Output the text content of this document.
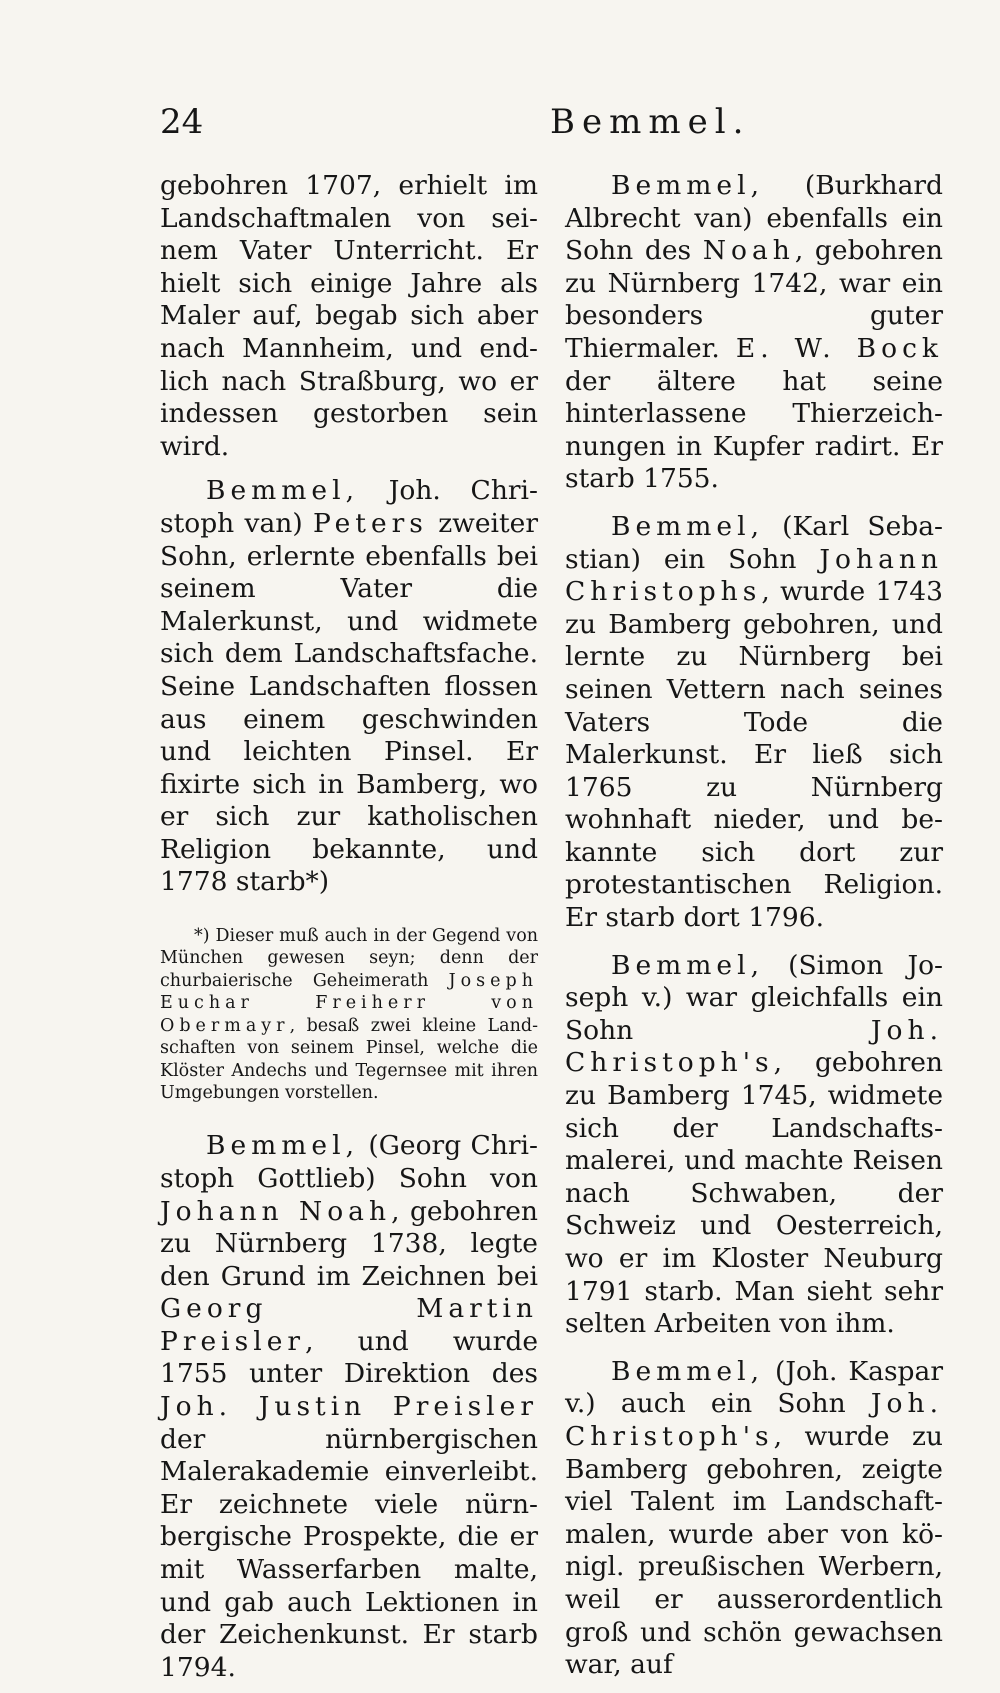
24	Bemmel.

gebohren 1707, erhielt im Landschaftmalen von seinem Vater Unterricht. Er hielt sich einige Jahre als Maler auf, begab sich aber nach Mannheim, und endlich nach Straßburg, wo er indessen gestorben sein wird.

Bemmel, Joh. Christoph van) Peters zweiter Sohn, erlernte ebenfalls bei seinem Vater die Malerkunst, und widmete sich dem Landschaftsfache. Seine Landschaften flossen aus einem geschwinden und leichten Pinsel. Er fixirte sich in Bamberg, wo er sich zur katholischen Religion bekannte, und 1778 starb*)

*) Dieser muß auch in der Gegend von München gewesen seyn; denn der churbaierische Geheimerath Joseph Euchar Freiherr von Obermayr, besaß zwei kleine Landschaften von seinem Pinsel, welche die Klöster Andechs und Tegernsee mit ihren Umgebungen vorstellen.

Bemmel, (Georg Christoph Gottlieb) Sohn von Johann Noah, gebohren zu Nürnberg 1738, legte den Grund im Zeichnen bei Georg Martin Preisler, und wurde 1755 unter Direktion des Joh. Justin Preisler der nürnbergischen Malerakademie einverleibt. Er zeichnete viele nürnbergische Prospekte, die er mit Wasserfarben malte, und gab auch Lektionen in der Zeichenkunst. Er starb 1794.

Bemmel, (Burkhard Albrecht van) ebenfalls ein Sohn des Noah, gebohren zu Nürnberg 1742, war ein besonders guter Thiermaler. E. W. Bock der ältere hat seine hinterlassene Thierzeichnungen in Kupfer radirt. Er starb 1755.

Bemmel, (Karl Sebastian) ein Sohn Johann Christophs, wurde 1743 zu Bamberg gebohren, und lernte zu Nürnberg bei seinen Vettern nach seines Vaters Tode die Malerkunst. Er ließ sich 1765 zu Nürnberg wohnhaft nieder, und bekannte sich dort zur protestantischen Religion. Er starb dort 1796.

Bemmel, (Simon Joseph v.) war gleichfalls ein Sohn Joh. Christoph's, gebohren zu Bamberg 1745, widmete sich der Landschaftsmalerei, und machte Reisen nach Schwaben, der Schweiz und Oesterreich, wo er im Kloster Neuburg 1791 starb. Man sieht sehr selten Arbeiten von ihm.

Bemmel, (Joh. Kaspar v.) auch ein Sohn Joh. Christoph's, wurde zu Bamberg gebohren, zeigte viel Talent im Landschaftmalen, wurde aber von königl. preußischen Werbern, weil er ausserordentlich groß und schön gewachsen war, auf
